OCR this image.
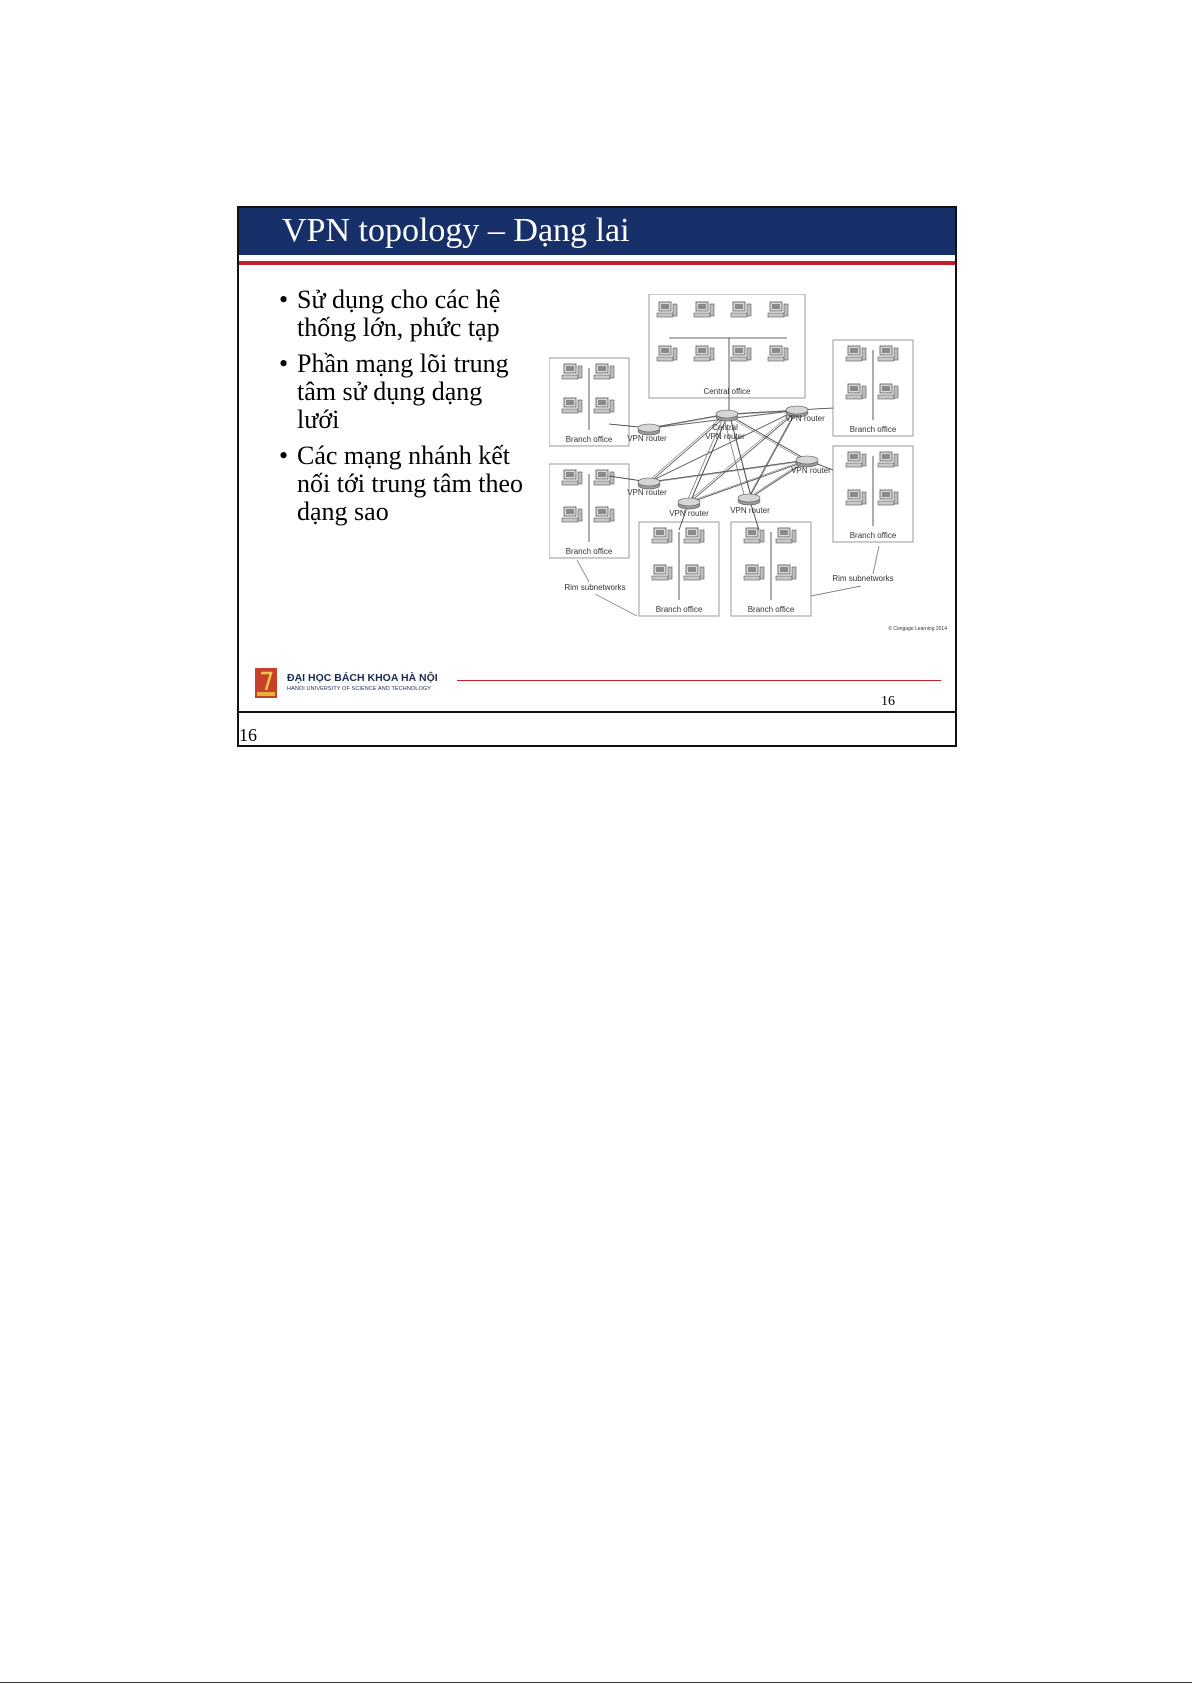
VPN topology – Dạng lai
• Sử dụng cho các hệ thống lớn, phức tạp
• Phần mạng lõi trung tâm sử dụng dạng lưới
• Các mạng nhánh kết nối tới trung tâm theo dạng sao
Central office
Branch office
Branch office
Branch office
Branch office
Branch office	Branch office
VPN router
VPN router
VPN router
VPN router
VPN router	VPN router
Central VPN router
Rim subnetworks
Rim subnetworks
© Cengage Learning 2014
ĐẠI HỌC BÁCH KHOA HÀ NỘI
HANOI UNIVERSITY OF SCIENCE AND TECHNOLOGY
16
16
